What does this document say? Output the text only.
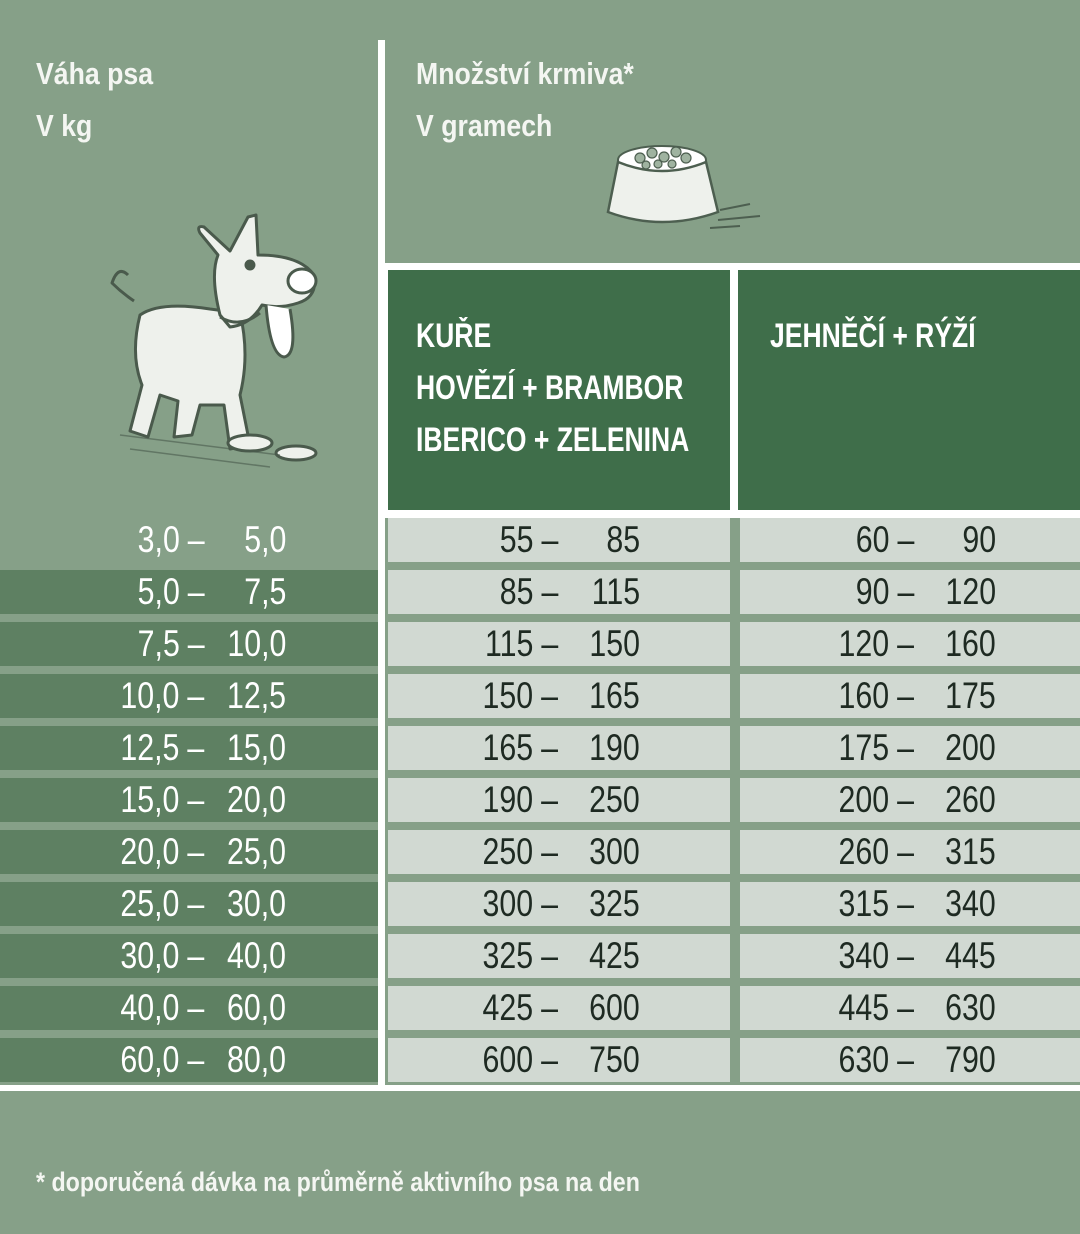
Váha psa
V kg
Množství krmiva*
V gramech
KUŘE
HOVĚZÍ + BRAMBOR
IBERICO + ZELENINA
JEHNĚČÍ + RÝŽÍ
3,0 – 5,0	55 – 85	60 – 90
5,0 – 7,5	85 – 115	90 – 120
7,5 – 10,0	115 – 150	120 – 160
10,0 – 12,5	150 – 165	160 – 175
12,5 – 15,0	165 – 190	175 – 200
15,0 – 20,0	190 – 250	200 – 260
20,0 – 25,0	250 – 300	260 – 315
25,0 – 30,0	300 – 325	315 – 340
30,0 – 40,0	325 – 425	340 – 445
40,0 – 60,0	425 – 600	445 – 630
60,0 – 80,0	600 – 750	630 – 790
* doporučená dávka na průměrně aktivního psa na den
